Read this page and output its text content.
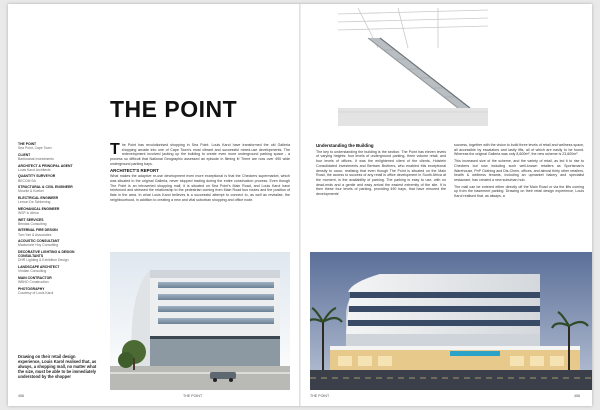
THE POINT
THE POINT
Sea Point, Cape Town
CLIENT
Bartkowiak Investments
ARCHITECT & PRINCIPAL AGENT
Louis Karol Architects
QUANTITY SURVEYOR
BECOM SA
STRUCTURAL & CIVIL ENGINEER
Mouritz & Koekel
ELECTRICAL ENGINEER
Lemon De Schkening
MECHANICAL ENGINEER
WSP Ic Africa
WET SERVICES
Bendas Consulting
INTERNAL FIRE DESIGN
Tom Yari & Associates
ACOUSTIC CONSULTANT
Mackenzie Hoy Consulting
DECORATIVE LIGHTING & DESIGN CONSULTANTS
DHR Lighting & Exhibition Design
LANDSCAPE ARCHITECT
Viridian Consulting
MAIN CONTRACTOR
WBHO Construction
PHOTOGRAPHY
Courtesy of Louis Karol

The Point has revolutionised shopping in Sea Point. Louis Karol have transformed the old Galleria shopping arcade into one of Cape Town's most vibrant and successful mixed-use developments. The redevelopment involved jacking up the building to create even more underground parking space - a process so difficult that National Geographic assessed an episode in filming it! There are now over 490 wide underground parking bays.

ARCHITECT'S REPORT

What makes the adaptive re-use development even more exceptional is that the Checkers supermarket, which was situated in the original Galleria, never stopped trading during the entire construction process. Even though The Point is an introverted shopping mall, it is situated on Sea Point's Main Road, and Louis Karol have reinforced and stressed the relationship to the pedestrian coming from Main Road bus routes and the position of flats in the area. In what Louis Karol believes is a successful attempt to connect to, as well as revitalise, the neighbourhood, in addition to creating a new and vital suburban shopping and office node.

Drawing on their retail design experience, Louis Karol realised that, as always, a shopping mall, no matter what the size, must be able to be immediately understood by the shopper
456	THE POINT
Understanding the Building

The key to understanding the building is the section. The Point has eleven levels of varying heights: four levels of underground parking, three volume retail, and four levels of offices. It was the enlightened client of the clients, Holstein Consolidated Investments and Bertram Brothers, who enabled this exceptional density to occur, realising that even though The Point is situated on the Main Road, the access to success of any retail is office development in South Africa at the moment, is the availability of parking. The parking is easy to use, with no dead-ends and a gentle and easy arrival the easiest extremity of the site. It is then these four levels of parking, providing 490 bays, that have ensured the developments'

success, together with the vision to build three levels of retail and wellness space, all accessible by escalators and lastly lifts, all of which are easily to be found. Whereas the original Galleria was only 8,600m², the new scheme is 23,600m².

This increased size of the scheme, and the variety of retail, as led it to rise to Checkers but now including such well-known retailers as Sportsman's Warehouse, PnP Clothing and Dis-Chem, offices, and almost thirty other retailers, health & wellness tenants, including an upmarket bakery and specialist restaurant, has created a new suburban hub.

The mall can be entered either directly off the Main Road or via the lifts coming up from the basement parking. Drawing on their retail design experience, Louis Karol realised that, as always, a

THE POINT	458
